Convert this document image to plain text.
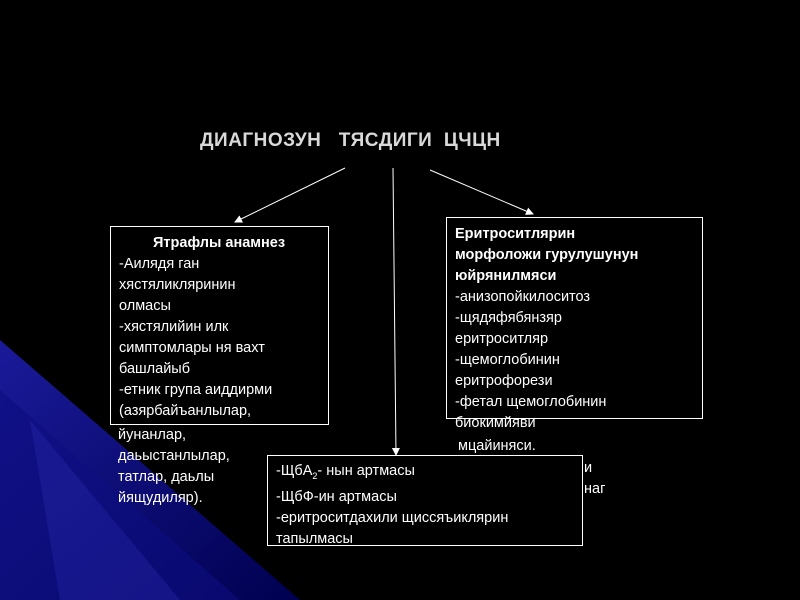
ДИАГНОЗУН   ТЯСДИГИ  ЦЧЦН
Ятрафлы анамнез
-Аилядя ган
хястяликляринин
олмасы
-хястялийин илк
симптомлары ня вахт
башлайыб
-етник група аиддирми
(азярбайъанлылар,
йунанлар,
даьыстанлылар,
татлар, даьлы
йящудиляр).
Еритроситлярин
морфоложи гурулушунун
юйрянилмяси
-анизопойкилоситоз
-щядяфябянзяр
еритроситляр
-щемоглобинин
еритрофорези
-фетал щемоглобинин
биокимйяви
и
наг
мцайиняси.
-ЩбА$_2$- нын артмасы
-ЩбФ-ин артмасы
-еритроситдахили щиссяъиклярин
тапылмасы
